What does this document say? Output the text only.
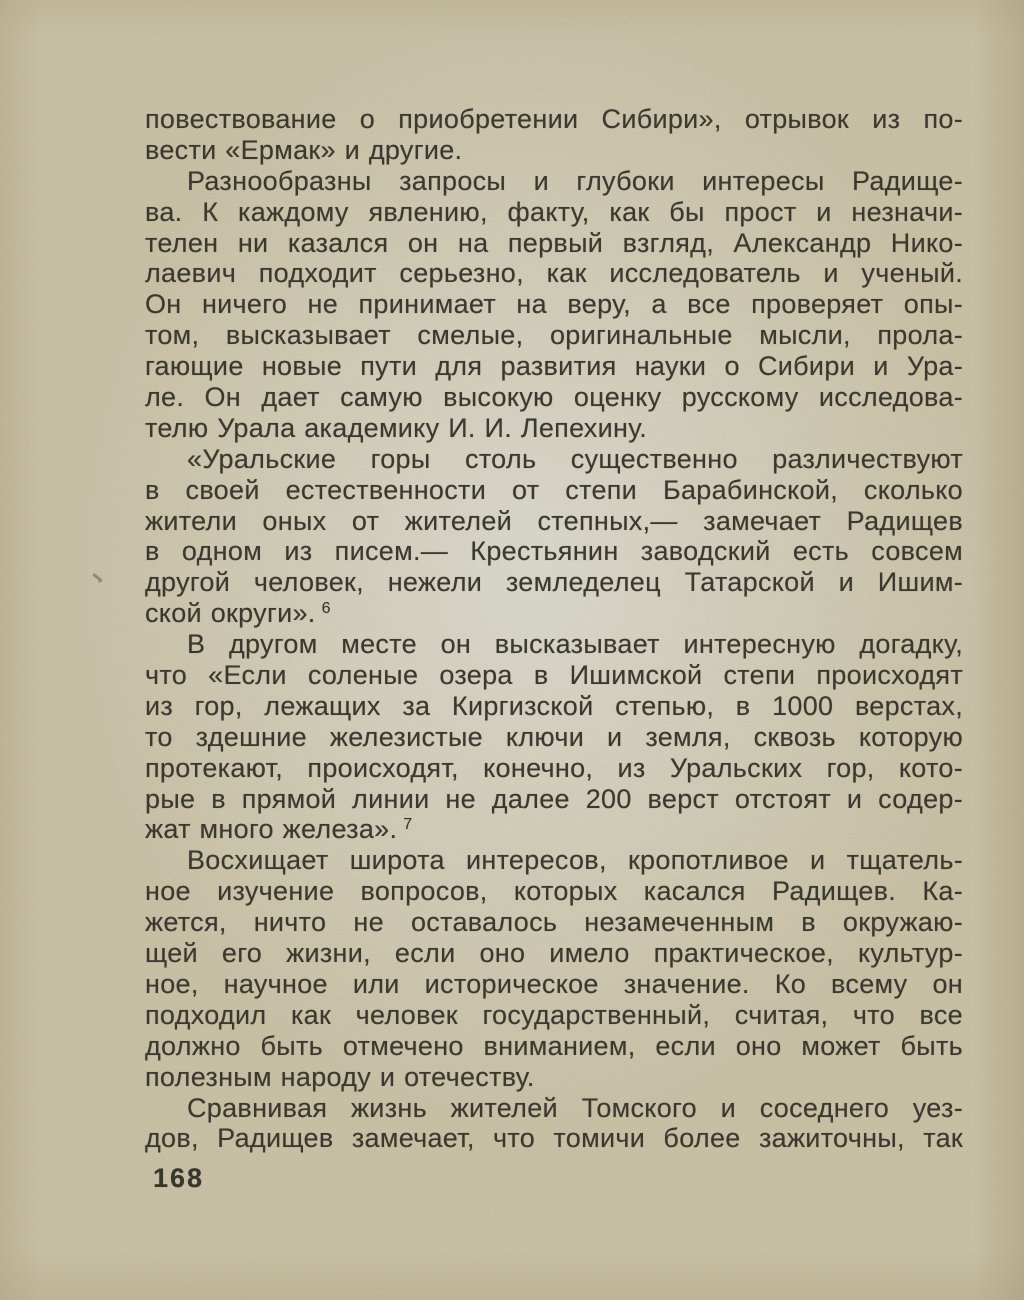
повествование о приобретении Сибири», отрывок из по-
вести «Ермак» и другие.
Разнообразны запросы и глубоки интересы Радище-
ва. К каждому явлению, факту, как бы прост и незначи-
телен ни казался он на первый взгляд, Александр Нико-
лаевич подходит серьезно, как исследователь и ученый.
Он ничего не принимает на веру, а все проверяет опы-
том, высказывает смелые, оригинальные мысли, прола-
гающие новые пути для развития науки о Сибири и Ура-
ле. Он дает самую высокую оценку русскому исследова-
телю Урала академику И. И. Лепехину.
«Уральские горы столь существенно различествуют
в своей естественности от степи Барабинской, сколько
жители оных от жителей степных,— замечает Радищев
в одном из писем.— Крестьянин заводский есть совсем
другой человек, нежели земледелец Татарской и Ишим-
ской округи». $^6$
В другом месте он высказывает интересную догадку,
что «Если соленые озера в Ишимской степи происходят
из гор, лежащих за Киргизской степью, в 1000 верстах,
то здешние железистые ключи и земля, сквозь которую
протекают, происходят, конечно, из Уральских гор, кото-
рые в прямой линии не далее 200 верст отстоят и содер-
жат много железа». $^7$
Восхищает широта интересов, кропотливое и тщатель-
ное изучение вопросов, которых касался Радищев. Ка-
жется, ничто не оставалось незамеченным в окружаю-
щей его жизни, если оно имело практическое, культур-
ное, научное или историческое значение. Ко всему он
подходил как человек государственный, считая, что все
должно быть отмечено вниманием, если оно может быть
полезным народу и отечеству.
Сравнивая жизнь жителей Томского и соседнего уез-
дов, Радищев замечает, что томичи более зажиточны, так
168
